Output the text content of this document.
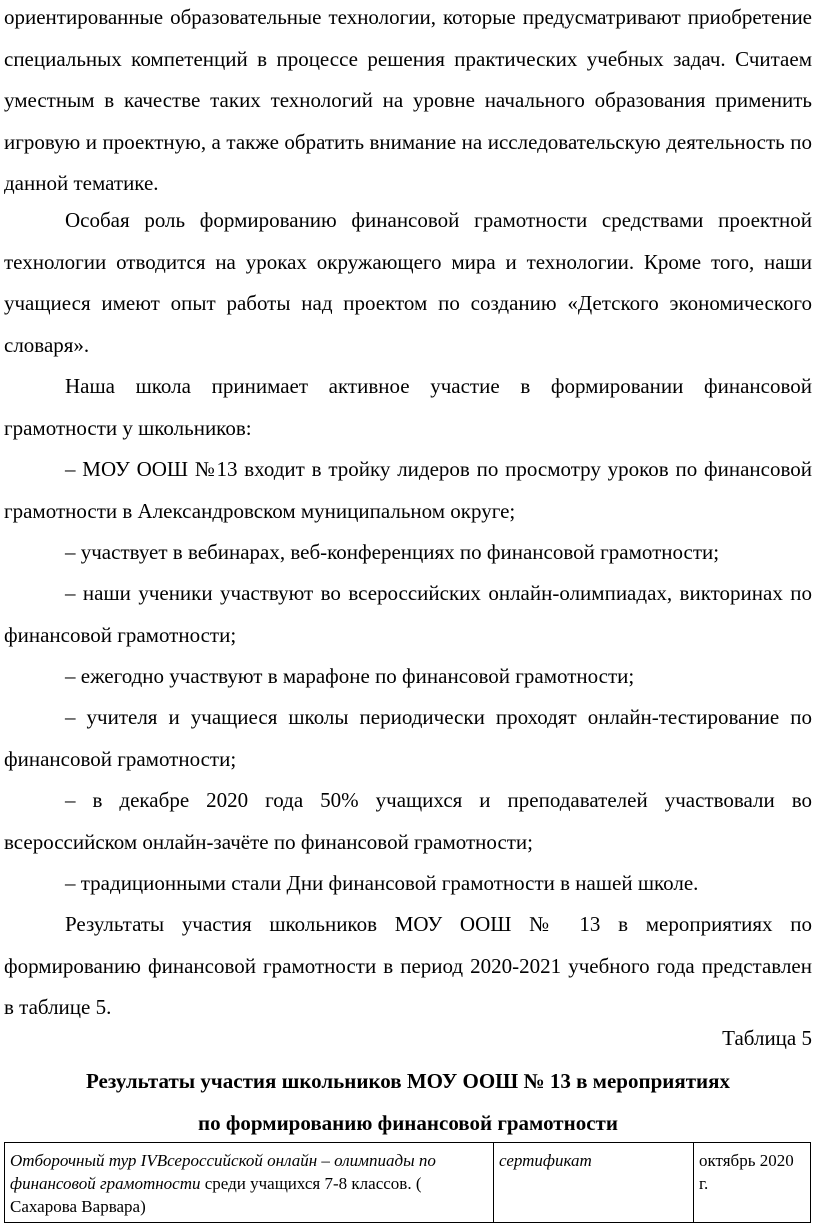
ориентированные образовательные технологии, которые предусматривают приобретение специальных компетенций в процессе решения практических учебных задач. Считаем уместным в качестве таких технологий на уровне начального образования применить игровую и проектную, а также обратить внимание на исследовательскую деятельность по данной тематике.

Особая роль формированию финансовой грамотности средствами проектной технологии отводится на уроках окружающего мира и технологии. Кроме того, наши учащиеся имеют опыт работы над проектом по созданию «Детского экономического словаря».

Наша школа принимает активное участие в формировании финансовой грамотности у школьников:

– МОУ ООШ №13 входит в тройку лидеров по просмотру уроков по финансовой грамотности в Александровском муниципальном округе;

– участвует в вебинарах, веб-конференциях по финансовой грамотности;

– наши ученики участвуют во всероссийских онлайн-олимпиадах, викторинах по финансовой грамотности;

– ежегодно участвуют в марафоне по финансовой грамотности;

– учителя и учащиеся школы периодически проходят онлайн-тестирование по финансовой грамотности;

– в декабре 2020 года 50% учащихся и преподавателей участвовали во всероссийском онлайн-зачёте по финансовой грамотности;

– традиционными стали Дни финансовой грамотности в нашей школе.

Результаты участия школьников МОУ ООШ № 13 в мероприятиях по формированию финансовой грамотности в период 2020-2021 учебного года представлен в таблице 5.

Таблица 5
Результаты участия школьников МОУ ООШ № 13 в мероприятиях
по формированию финансовой грамотности
Отборочный тур IVВсероссийской онлайн – олимпиады по финансовой грамотности среди учащихся 7-8 классов. ( Сахарова Варвара)	сертификат	октябрь 2020 г.
